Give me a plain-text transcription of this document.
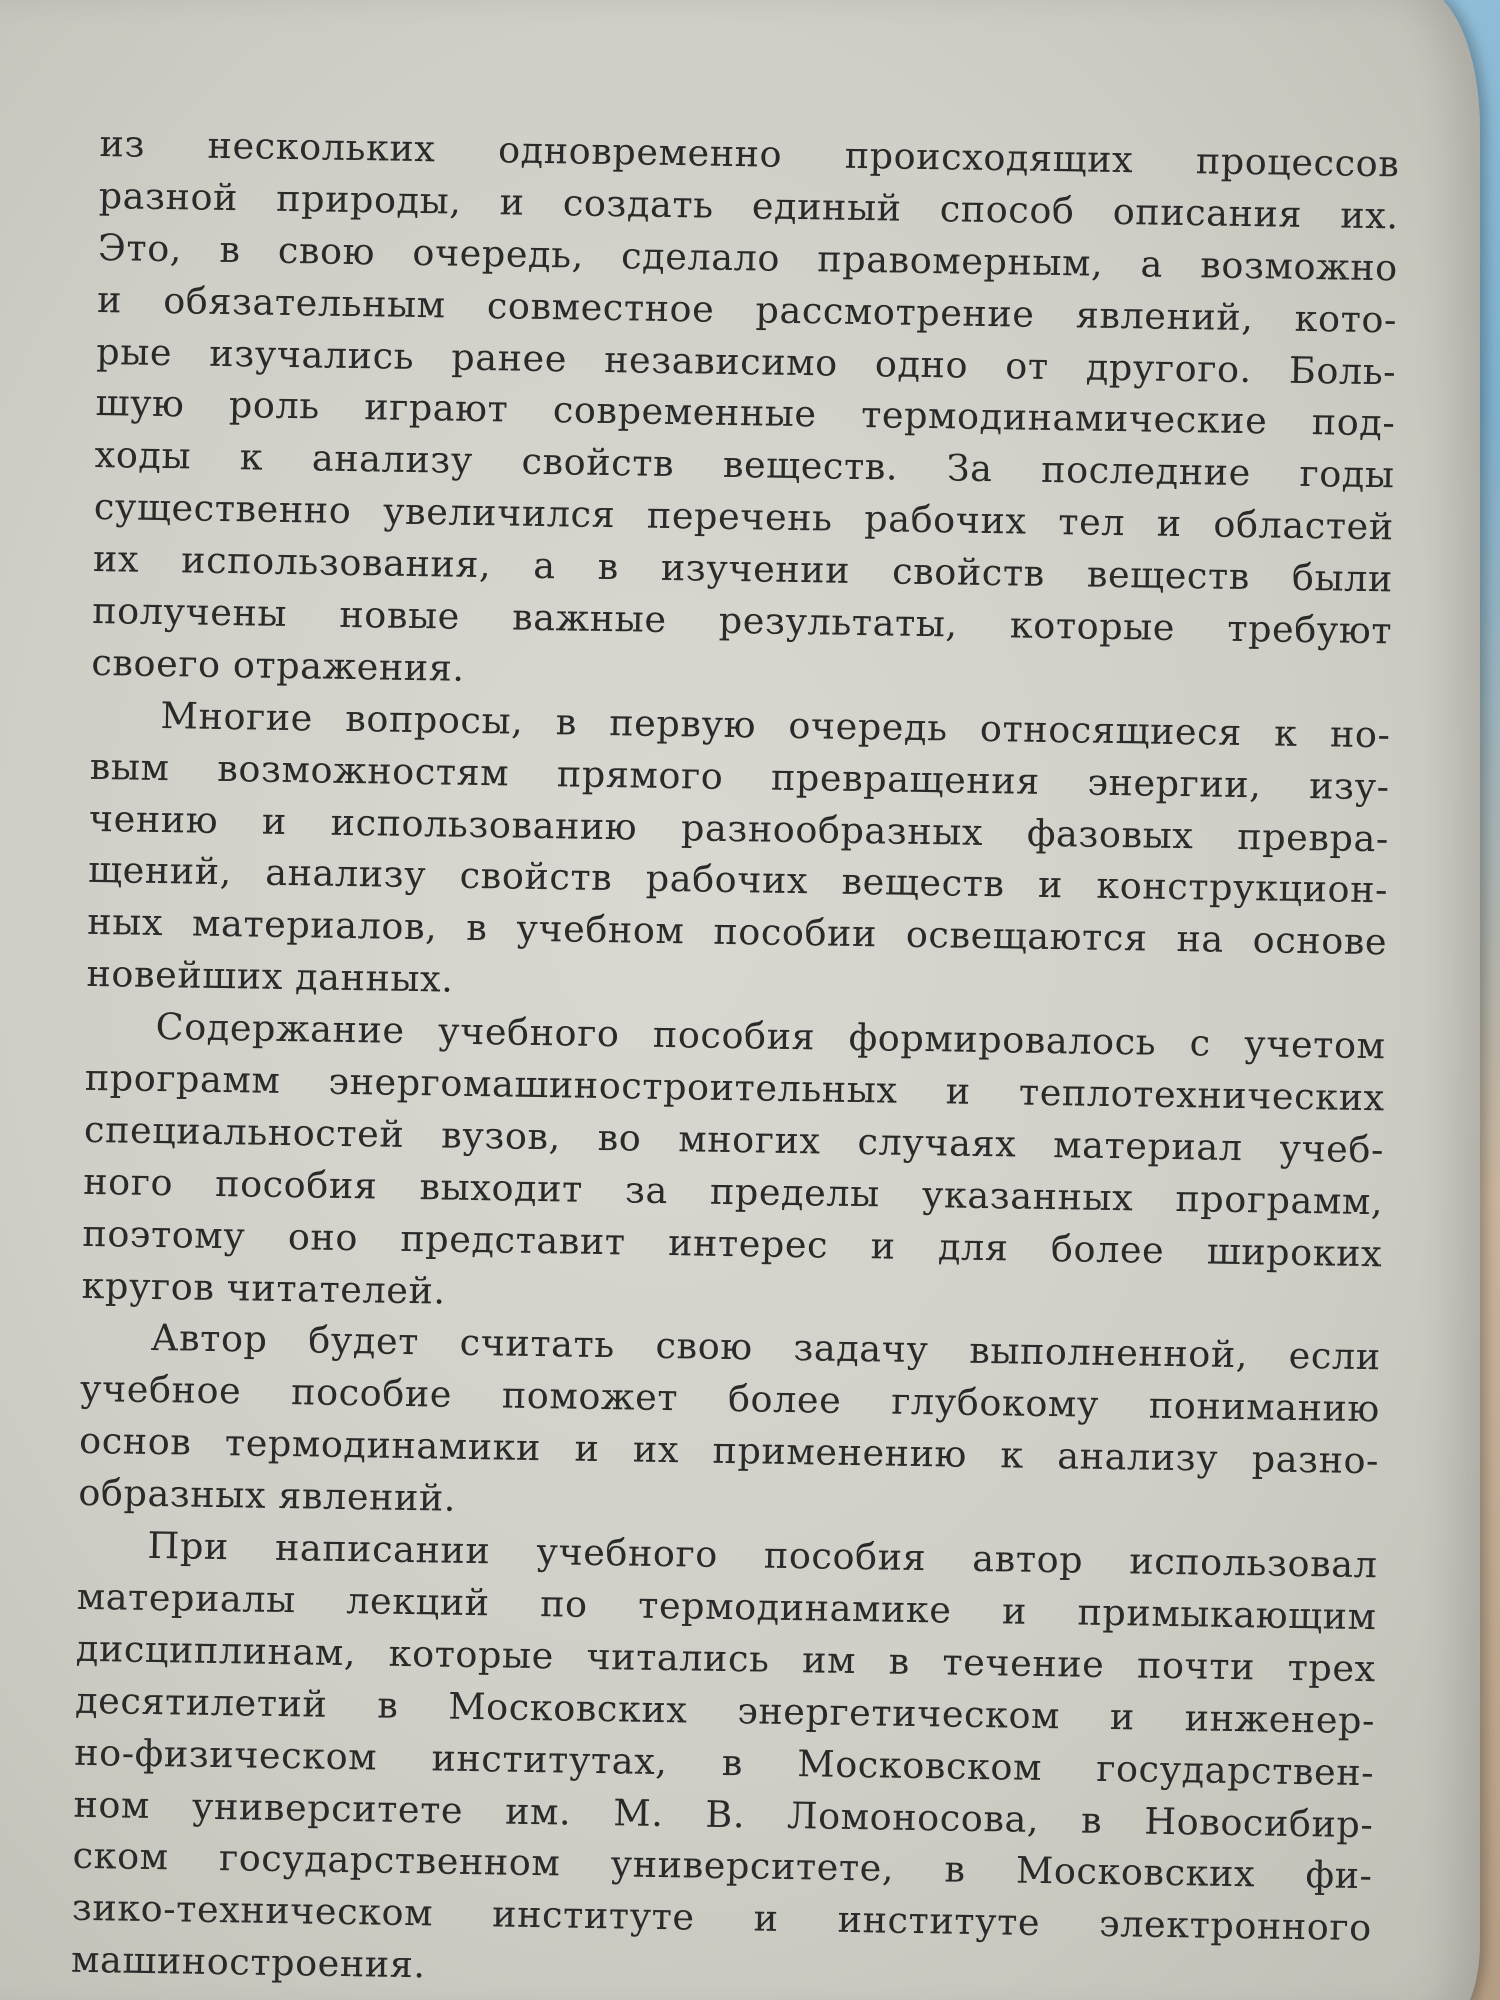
из нескольких одновременно происходящих процессов
разной природы, и создать единый способ описания их.
Это, в свою очередь, сделало правомерным, а возможно
и обязательным совместное рассмотрение явлений, кото-
рые изучались ранее независимо одно от другого. Боль-
шую роль играют современные термодинамические под-
ходы к анализу свойств веществ. За последние годы
существенно увеличился перечень рабочих тел и областей
их использования, а в изучении свойств веществ были
получены новые важные результаты, которые требуют
своего отражения.
Многие вопросы, в первую очередь относящиеся к но-
вым возможностям прямого превращения энергии, изу-
чению и использованию разнообразных фазовых превра-
щений, анализу свойств рабочих веществ и конструкцион-
ных материалов, в учебном пособии освещаются на основе
новейших данных.
Содержание учебного пособия формировалось с учетом
программ энергомашиностроительных и теплотехнических
специальностей вузов, во многих случаях материал учеб-
ного пособия выходит за пределы указанных программ,
поэтому оно представит интерес и для более широких
кругов читателей.
Автор будет считать свою задачу выполненной, если
учебное пособие поможет более глубокому пониманию
основ термодинамики и их применению к анализу разно-
образных явлений.
При написании учебного пособия автор использовал
материалы лекций по термодинамике и примыкающим
дисциплинам, которые читались им в течение почти трех
десятилетий в Московских энергетическом и инженер-
но-физическом институтах, в Московском государствен-
ном университете им. М. В. Ломоносова, в Новосибир-
ском государственном университете, в Московских фи-
зико-техническом институте и институте электронного
машиностроения.
